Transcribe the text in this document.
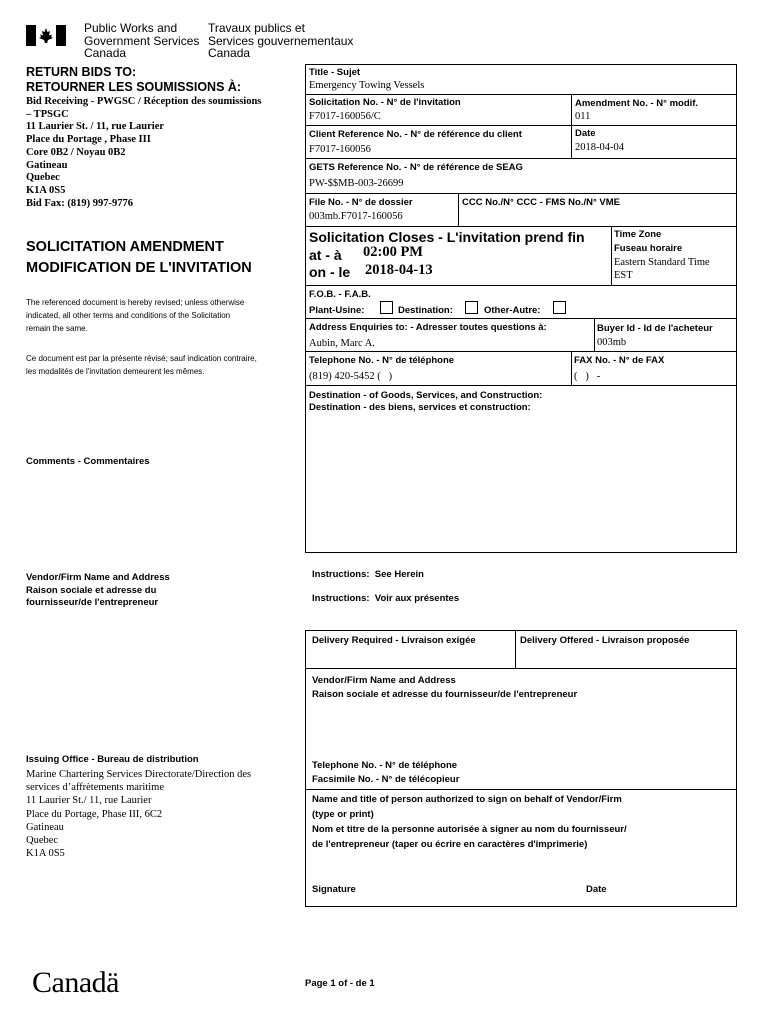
Public Works and
Government Services
Canada
Travaux publics et
Services gouvernementaux
Canada
RETURN BIDS TO:
RETOURNER LES SOUMISSIONS À:
Bid Receiving - PWGSC / Réception des soumissions
– TPSGC
11 Laurier St. / 11, rue Laurier
Place du Portage , Phase III
Core 0B2 / Noyau 0B2
Gatineau
Quebec
K1A 0S5
Bid Fax: (819) 997-9776
SOLICITATION AMENDMENT
MODIFICATION DE L'INVITATION
The referenced document is hereby revised; unless otherwise
indicated, all other terms and conditions of the Solicitation
remain the same.
Ce document est par la présente révisé; sauf indication contraire,
les modalités de l'invitation demeurent les mêmes.
Comments - Commentaires
Vendor/Firm Name and Address
Raison sociale et adresse du
fournisseur/de l'entrepreneur
Issuing Office - Bureau de distribution
Marine Chartering Services Directorate/Direction des
services d’affrètements maritime
11 Laurier St./ 11, rue Laurier
Place du Portage, Phase III, 6C2
Gatineau
Quebec
K1A 0S5
Title - Sujet
Emergency Towing Vessels
Solicitation No. - N° de l'invitation
F7017-160056/C
Amendment No. - N° modif.
011
Client Reference No. - N° de référence du client
F7017-160056
Date
2018-04-04
GETS Reference No. - N° de référence de SEAG
PW-$$MB-003-26699
File No. - N° de dossier
003mb.F7017-160056
CCC No./N° CCC - FMS No./N° VME
Solicitation Closes - L'invitation prend fin
at - à 02:00 PM
on - le 2018-04-13
Time Zone
Fuseau horaire
Eastern Standard Time
EST
F.O.B. - F.A.B.
Plant-Usine:	Destination:	Other-Autre:
Address Enquiries to: - Adresser toutes questions à:
Aubin, Marc A.
Buyer Id - Id de l'acheteur
003mb
Telephone No. - N° de téléphone
(819) 420-5452 (   )
FAX No. - N° de FAX
(   )   -
Destination - of Goods, Services, and Construction:
Destination - des biens, services et construction:
Instructions:  See Herein
Instructions:  Voir aux présentes
Delivery Required - Livraison exigée	Delivery Offered - Livraison proposée
Vendor/Firm Name and Address
Raison sociale et adresse du fournisseur/de l'entrepreneur
Telephone No. - N° de téléphone
Facsimile No. - N° de télécopieur
Name and title of person authorized to sign on behalf of Vendor/Firm
(type or print)
Nom et titre de la personne autorisée à signer au nom du fournisseur/
de l'entrepreneur (taper ou écrire en caractères d'imprimerie)
Signature	Date
Canadä	Page 1 of - de 1
